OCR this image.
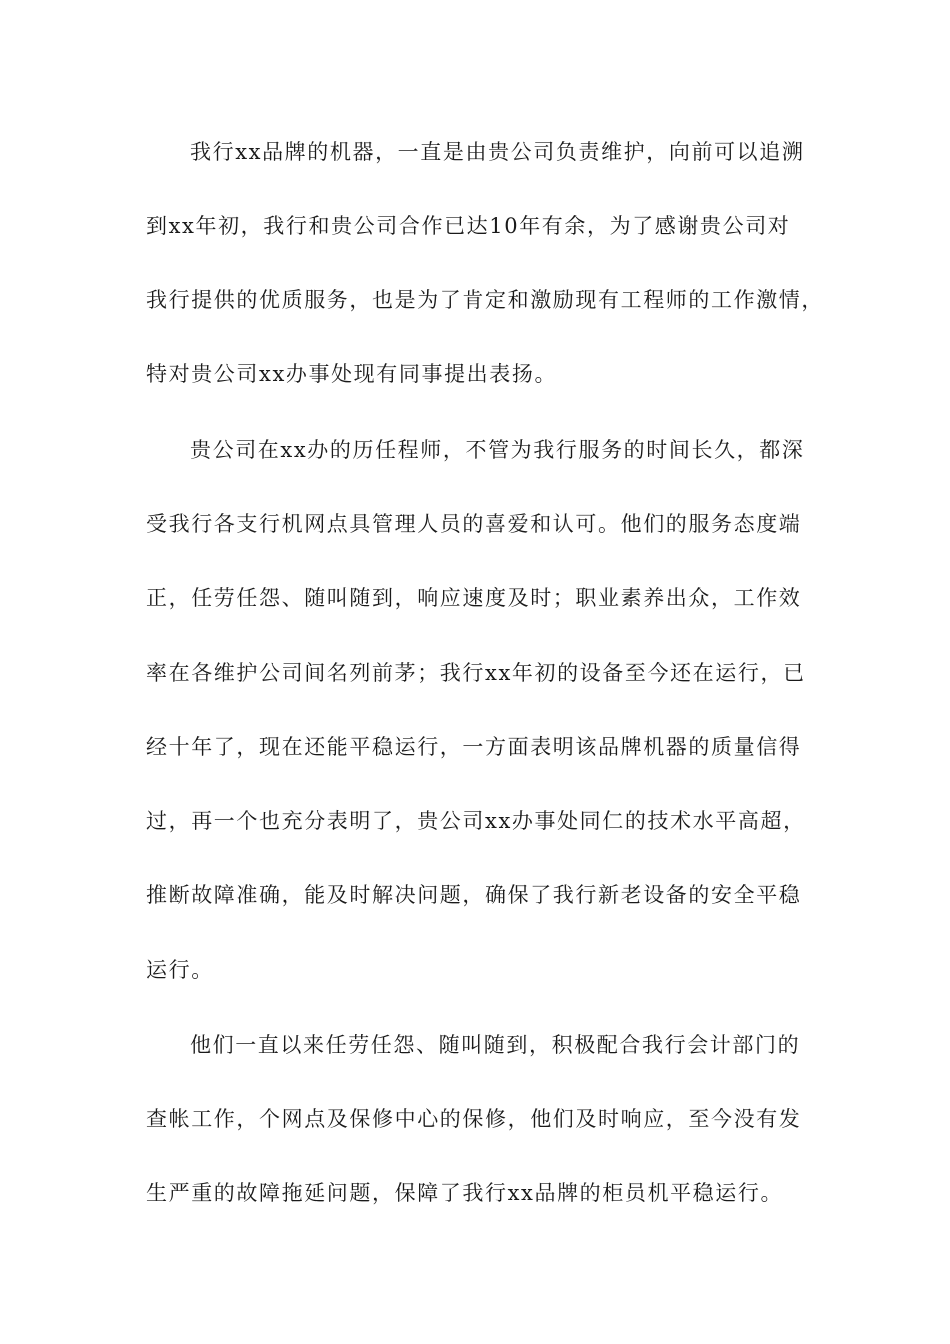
我行xx品牌的机器，一直是由贵公司负责维护，向前可以追溯
到xx年初，我行和贵公司合作已达10年有余，为了感谢贵公司对
我行提供的优质服务，也是为了肯定和激励现有工程师的工作激情，
特对贵公司xx办事处现有同事提出表扬。
贵公司在xx办的历任程师，不管为我行服务的时间长久，都深
受我行各支行机网点具管理人员的喜爱和认可。他们的服务态度端
正，任劳任怨、随叫随到，响应速度及时；职业素养出众，工作效
率在各维护公司间名列前茅；我行xx年初的设备至今还在运行，已
经十年了，现在还能平稳运行，一方面表明该品牌机器的质量信得
过，再一个也充分表明了，贵公司xx办事处同仁的技术水平高超，
推断故障准确，能及时解决问题，确保了我行新老设备的安全平稳
运行。
他们一直以来任劳任怨、随叫随到，积极配合我行会计部门的
查帐工作，个网点及保修中心的保修，他们及时响应，至今没有发
生严重的故障拖延问题，保障了我行xx品牌的柜员机平稳运行。
